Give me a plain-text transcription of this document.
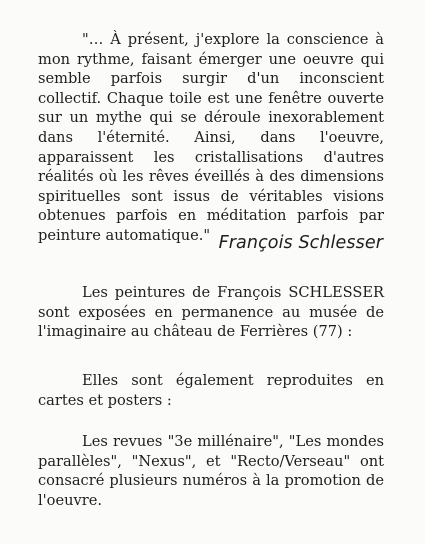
"… À présent, j'explore la conscience à mon rythme, faisant émerger une oeuvre qui semble parfois surgir d'un inconscient collectif. Chaque toile est une fenêtre ouverte sur un mythe qui se déroule inexorablement dans l'éternité. Ainsi, dans l'oeuvre, apparaissent les cristallisations d'autres réalités où les rêves éveillés à des dimensions spirituelles sont issus de véritables visions obtenues parfois en méditation parfois par peinture automatique." François Schlesser

Les peintures de François SCHLESSER sont exposées en permanence au musée de l'imaginaire au château de Ferrières (77) :

Elles sont également reproduites en cartes et posters :

Les revues "3e millénaire", "Les mondes parallèles", "Nexus", et "Recto/Verseau" ont consacré plusieurs numéros à la promotion de l'oeuvre.
